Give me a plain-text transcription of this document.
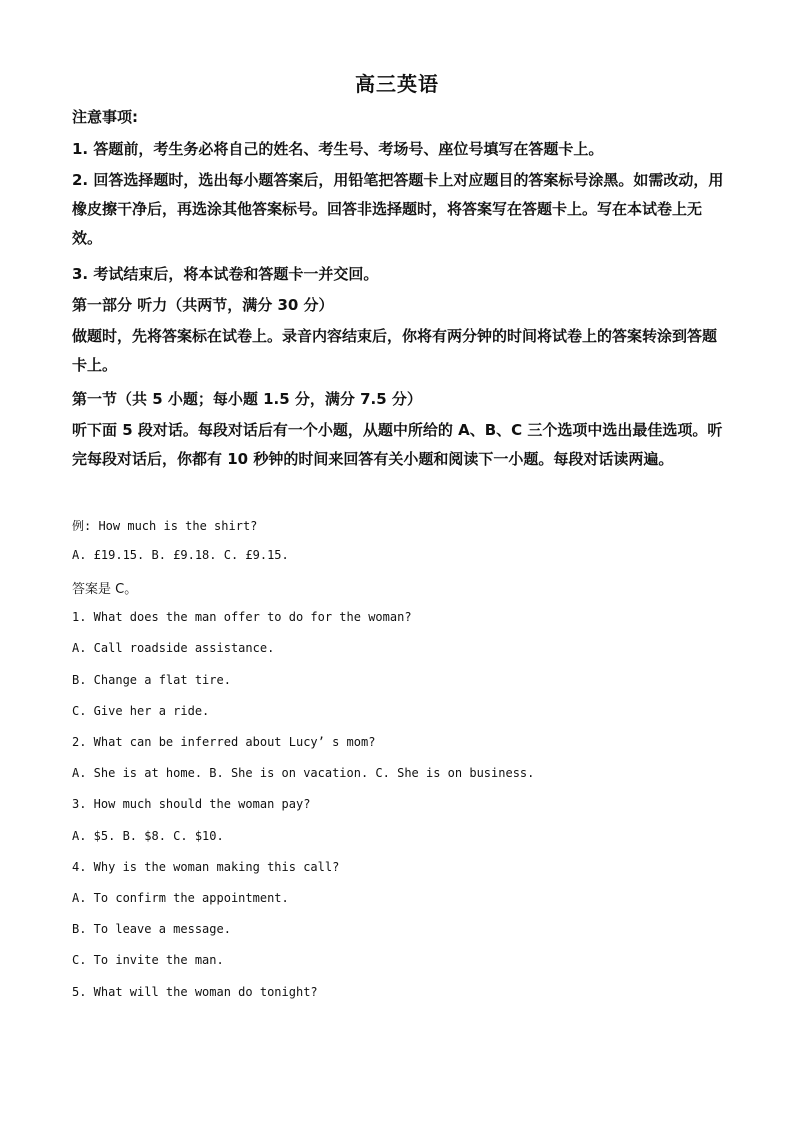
高三英语
注意事项:

1. 答题前，考生务必将自己的姓名、考生号、考场号、座位号填写在答题卡上。

2. 回答选择题时，选出每小题答案后，用铅笔把答题卡上对应题目的答案标号涂黑。如需改动，用橡皮擦干净后，再选涂其他答案标号。回答非选择题时，将答案写在答题卡上。写在本试卷上无效。

3. 考试结束后，将本试卷和答题卡一并交回。

第一部分 听力（共两节，满分 30 分）

做题时，先将答案标在试卷上。录音内容结束后，你将有两分钟的时间将试卷上的答案转涂到答题卡上。

第一节（共 5 小题；每小题 1.5 分，满分 7.5 分）

听下面 5 段对话。每段对话后有一个小题，从题中所给的 A、B、C 三个选项中选出最佳选项。听完每段对话后，你都有 10 秒钟的时间来回答有关小题和阅读下一小题。每段对话读两遍。

例: How much is the shirt?
A. £19.15. B. £9.18. C. £9.15.
答案是 C。
1. What does the man offer to do for the woman?
A. Call roadside assistance.
B. Change a flat tire.
C. Give her a ride.
2. What can be inferred about Lucy’ s mom?
A. She is at home. B. She is on vacation. C. She is on business.
3. How much should the woman pay?
A. $5. B. $8. C. $10.
4. Why is the woman making this call?
A. To confirm the appointment.
B. To leave a message.
C. To invite the man.
5. What will the woman do tonight?
